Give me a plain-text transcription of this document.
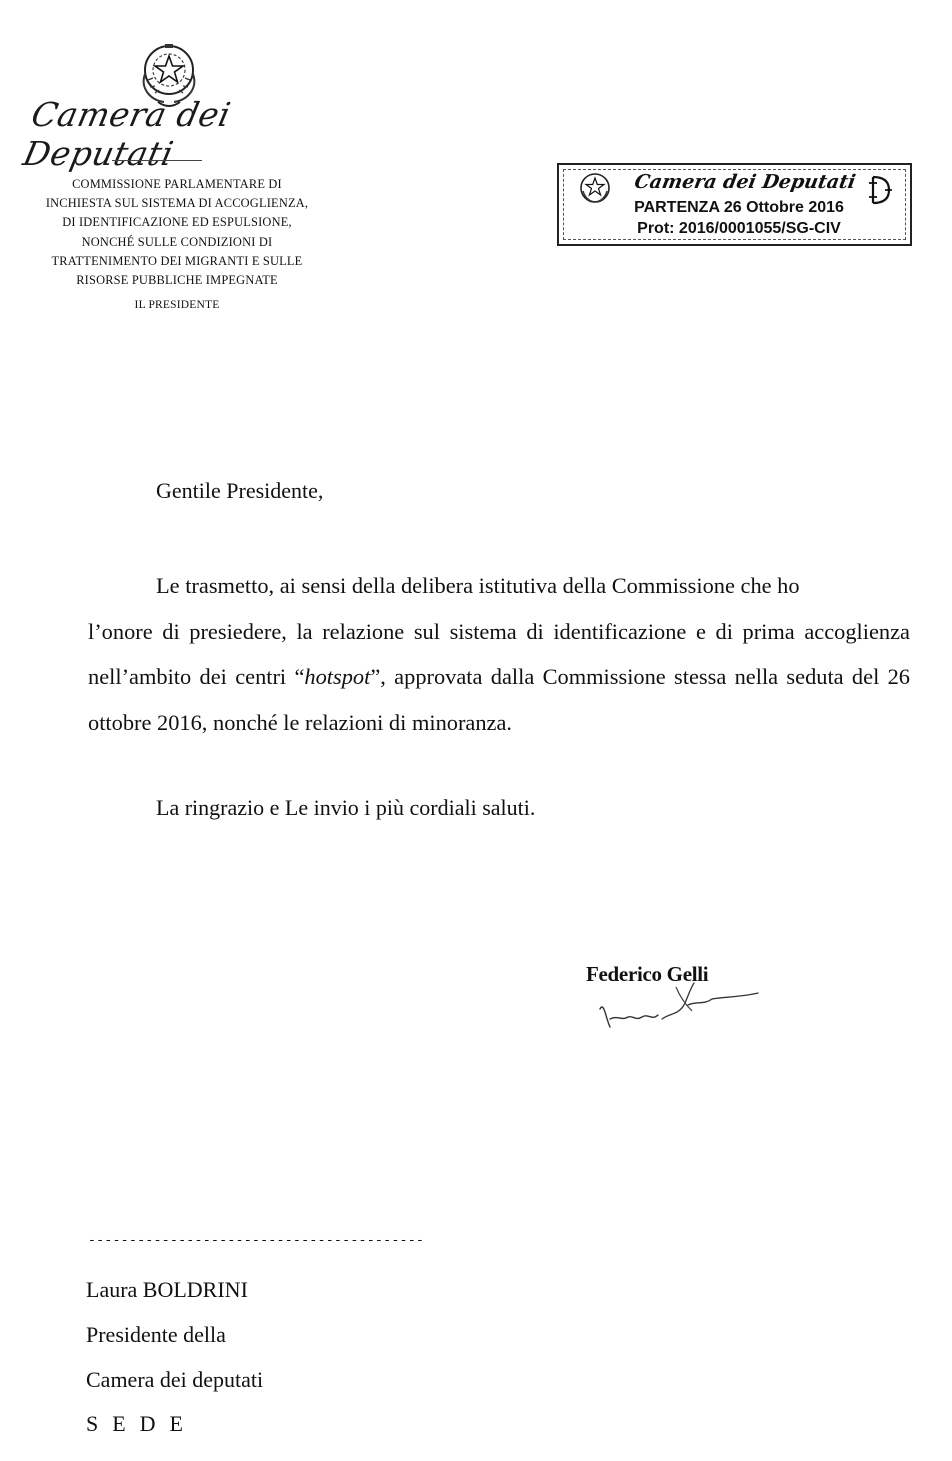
Camera dei Deputati
COMMISSIONE PARLAMENTARE DI
INCHIESTA SUL SISTEMA DI ACCOGLIENZA,
DI IDENTIFICAZIONE ED ESPULSIONE,
NONCHÉ SULLE CONDIZIONI DI
TRATTENIMENTO DEI MIGRANTI E SULLE
RISORSE PUBBLICHE IMPEGNATE
IL PRESIDENTE
Camera dei Deputati
PARTENZA 26 Ottobre 2016
Prot: 2016/0001055/SG-CIV
Gentile Presidente,
Le trasmetto, ai sensi della delibera istitutiva della Commissione che ho
l’onore di presiedere, la relazione sul sistema di identificazione e di prima accoglienza nell’ambito dei centri “hotspot”, approvata dalla Commissione stessa nella seduta del 26 ottobre 2016, nonché le relazioni di minoranza.
La ringrazio e Le invio i più cordiali saluti.
Federico Gelli
-----------------------------------------
Laura BOLDRINI
Presidente della
Camera dei deputati
SEDE
